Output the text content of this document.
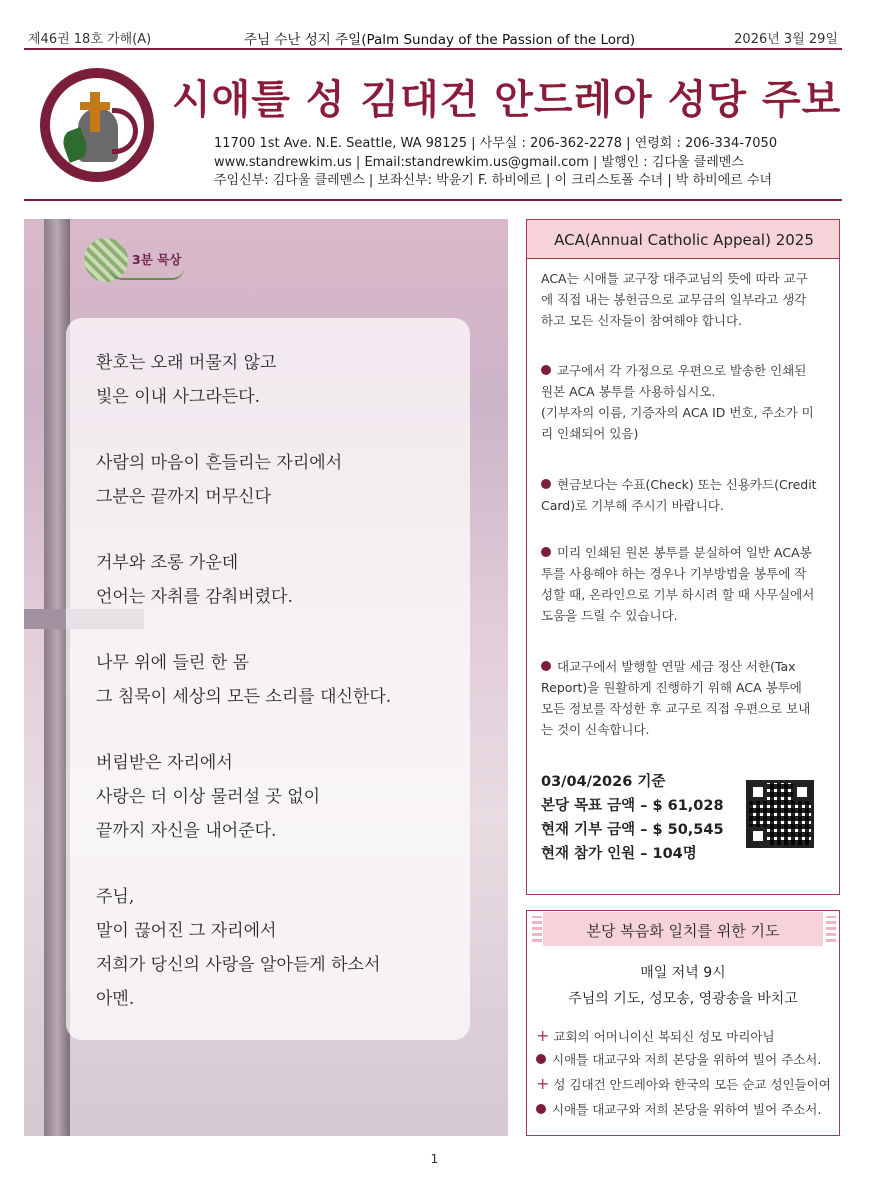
제46권 18호 가해(A)	주님 수난 성지 주일(Palm Sunday of the Passion of the Lord)	2026년 3월 29일
시애틀 성 김대건 안드레아 성당 주보
11700 1st Ave. N.E. Seattle, WA 98125 | 사무실 : 206-362-2278 | 연령회 : 206-334-7050
www.standrewkim.us | Email:standrewkim.us@gmail.com | 발행인 : 김다울 클레멘스
주임신부: 김다울 클레멘스 | 보좌신부: 박윤기 F. 하비에르 | 이 크리스토폴 수녀 | 박 하비에르 수녀
3분 묵상
환호는 오래 머물지 않고
빛은 이내 사그라든다.
사람의 마음이 흔들리는 자리에서
그분은 끝까지 머무신다
거부와 조롱 가운데
언어는 자취를 감춰버렸다.
나무 위에 들린 한 몸
그 침묵이 세상의 모든 소리를 대신한다.
버림받은 자리에서
사랑은 더 이상 물러설 곳 없이
끝까지 자신을 내어준다.
주님,
말이 끊어진 그 자리에서
저희가 당신의 사랑을 알아듣게 하소서
아멘.
ACA(Annual Catholic Appeal) 2025
ACA는 시애틀 교구장 대주교님의 뜻에 따라 교구
에 직접 내는 봉헌금으로 교무금의 일부라고 생각
하고 모든 신자들이 참여해야 합니다.
교구에서 각 가정으로 우편으로 발송한 인쇄된
원본 ACA 봉투를 사용하십시오.
(기부자의 이름, 기증자의 ACA ID 번호, 주소가 미
리 인쇄되어 있음)
현금보다는 수표(Check) 또는 신용카드(Credit
Card)로 기부해 주시기 바랍니다.
미리 인쇄된 원본 봉투를 분실하여 일반 ACA봉
투를 사용해야 하는 경우나 기부방법을 봉투에 작
성할 때, 온라인으로 기부 하시려 할 때 사무실에서
도움을 드릴 수 있습니다.
대교구에서 발행할 연말 세금 정산 서한(Tax
Report)을 원활하게 진행하기 위해 ACA 봉투에
모든 정보를 작성한 후 교구로 직접 우편으로 보내
는 것이 신속합니다.
03/04/2026 기준
본당 목표 금액 – $ 61,028
현재 기부 금액 – $ 50,545
현재 참가 인원 – 104명
본당 복음화 일치를 위한 기도
매일 저녁 9시
주님의 기도, 성모송, 영광송을 바치고
+ 교회의 어머니이신 복되신 성모 마리아님
시애틀 대교구와 저희 본당을 위하여 빌어 주소서.
+ 성 김대건 안드레아와 한국의 모든 순교 성인들이여
시애틀 대교구와 저희 본당을 위하여 빌어 주소서.
1
